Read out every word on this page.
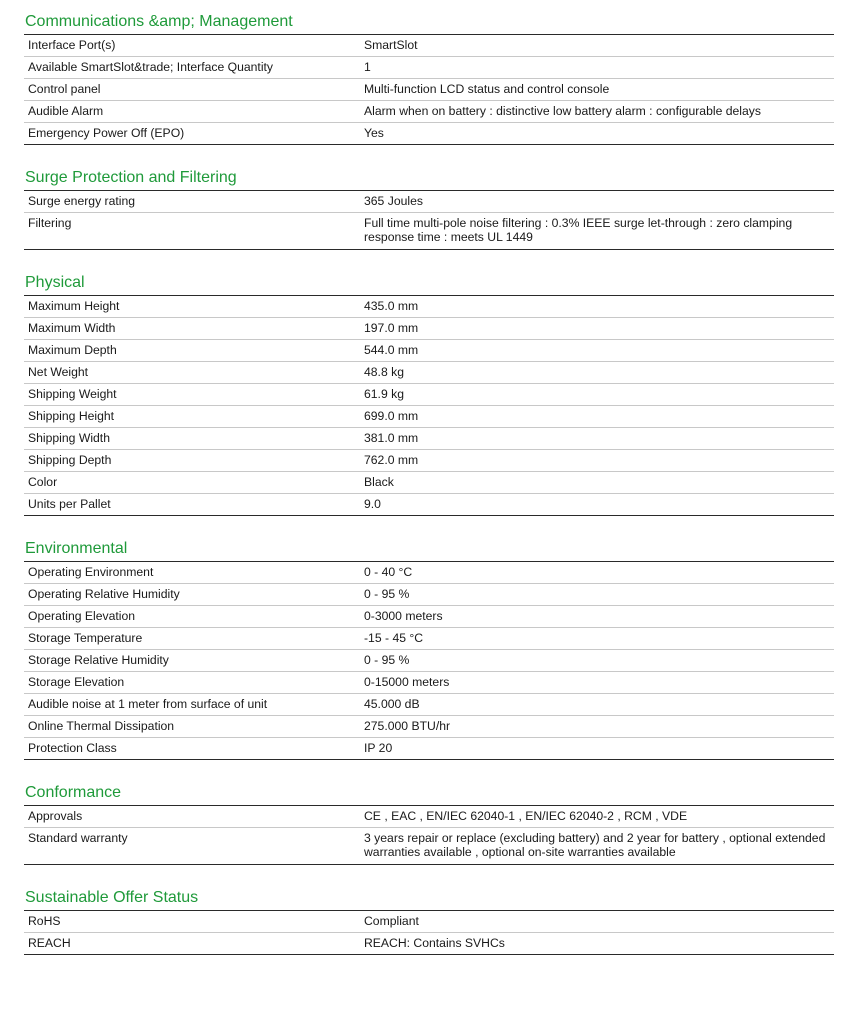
Communications &amp; Management
Interface Port(s)	SmartSlot
Available SmartSlot&trade; Interface Quantity	1
Control panel	Multi-function LCD status and control console
Audible Alarm	Alarm when on battery : distinctive low battery alarm : configurable delays
Emergency Power Off (EPO)	Yes
Surge Protection and Filtering
Surge energy rating	365 Joules
Filtering	Full time multi-pole noise filtering : 0.3% IEEE surge let-through : zero clamping response time : meets UL 1449
Physical
Maximum Height	435.0 mm
Maximum Width	197.0 mm
Maximum Depth	544.0 mm
Net Weight	48.8 kg
Shipping Weight	61.9 kg
Shipping Height	699.0 mm
Shipping Width	381.0 mm
Shipping Depth	762.0 mm
Color	Black
Units per Pallet	9.0
Environmental
Operating Environment	0 - 40 °C
Operating Relative Humidity	0 - 95 %
Operating Elevation	0-3000 meters
Storage Temperature	-15 - 45 °C
Storage Relative Humidity	0 - 95 %
Storage Elevation	0-15000 meters
Audible noise at 1 meter from surface of unit	45.000 dB
Online Thermal Dissipation	275.000 BTU/hr
Protection Class	IP 20
Conformance
Approvals	CE , EAC , EN/IEC 62040-1 , EN/IEC 62040-2 , RCM , VDE
Standard warranty	3 years repair or replace (excluding battery) and 2 year for battery , optional extended warranties available , optional on-site warranties available
Sustainable Offer Status
RoHS	Compliant
REACH	REACH: Contains SVHCs
